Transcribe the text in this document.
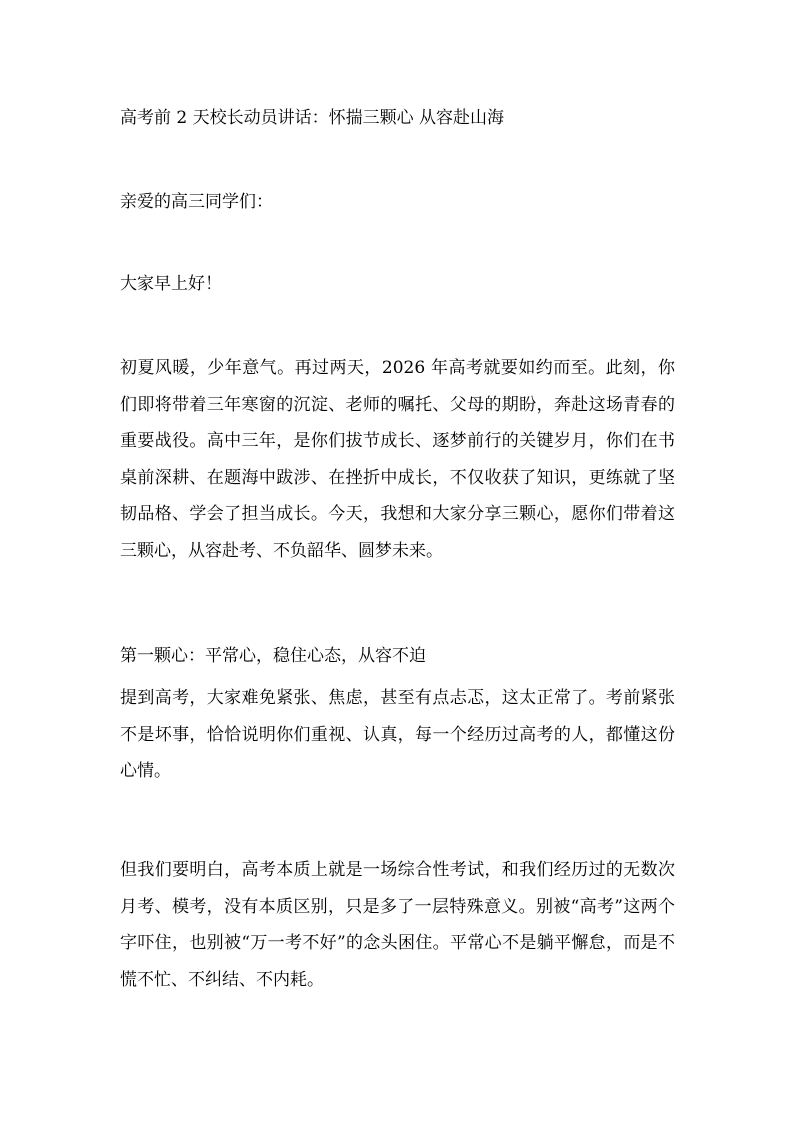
高考前 2 天校长动员讲话：怀揣三颗心 从容赴山海
亲爱的高三同学们：
大家早上好！
初夏风暖，少年意气。再过两天，2026 年高考就要如约而至。此刻，你们即将带着三年寒窗的沉淀、老师的嘱托、父母的期盼，奔赴这场青春的重要战役。高中三年，是你们拔节成长、逐梦前行的关键岁月，你们在书桌前深耕、在题海中跋涉、在挫折中成长，不仅收获了知识，更练就了坚韧品格、学会了担当成长。今天，我想和大家分享三颗心，愿你们带着这三颗心，从容赴考、不负韶华、圆梦未来。
第一颗心：平常心，稳住心态，从容不迫
提到高考，大家难免紧张、焦虑，甚至有点忐忑，这太正常了。考前紧张不是坏事，恰恰说明你们重视、认真，每一个经历过高考的人，都懂这份心情。
但我们要明白，高考本质上就是一场综合性考试，和我们经历过的无数次月考、模考，没有本质区别，只是多了一层特殊意义。别被“高考”这两个字吓住，也别被“万一考不好”的念头困住。平常心不是躺平懈怠，而是不慌不忙、不纠结、不内耗。
